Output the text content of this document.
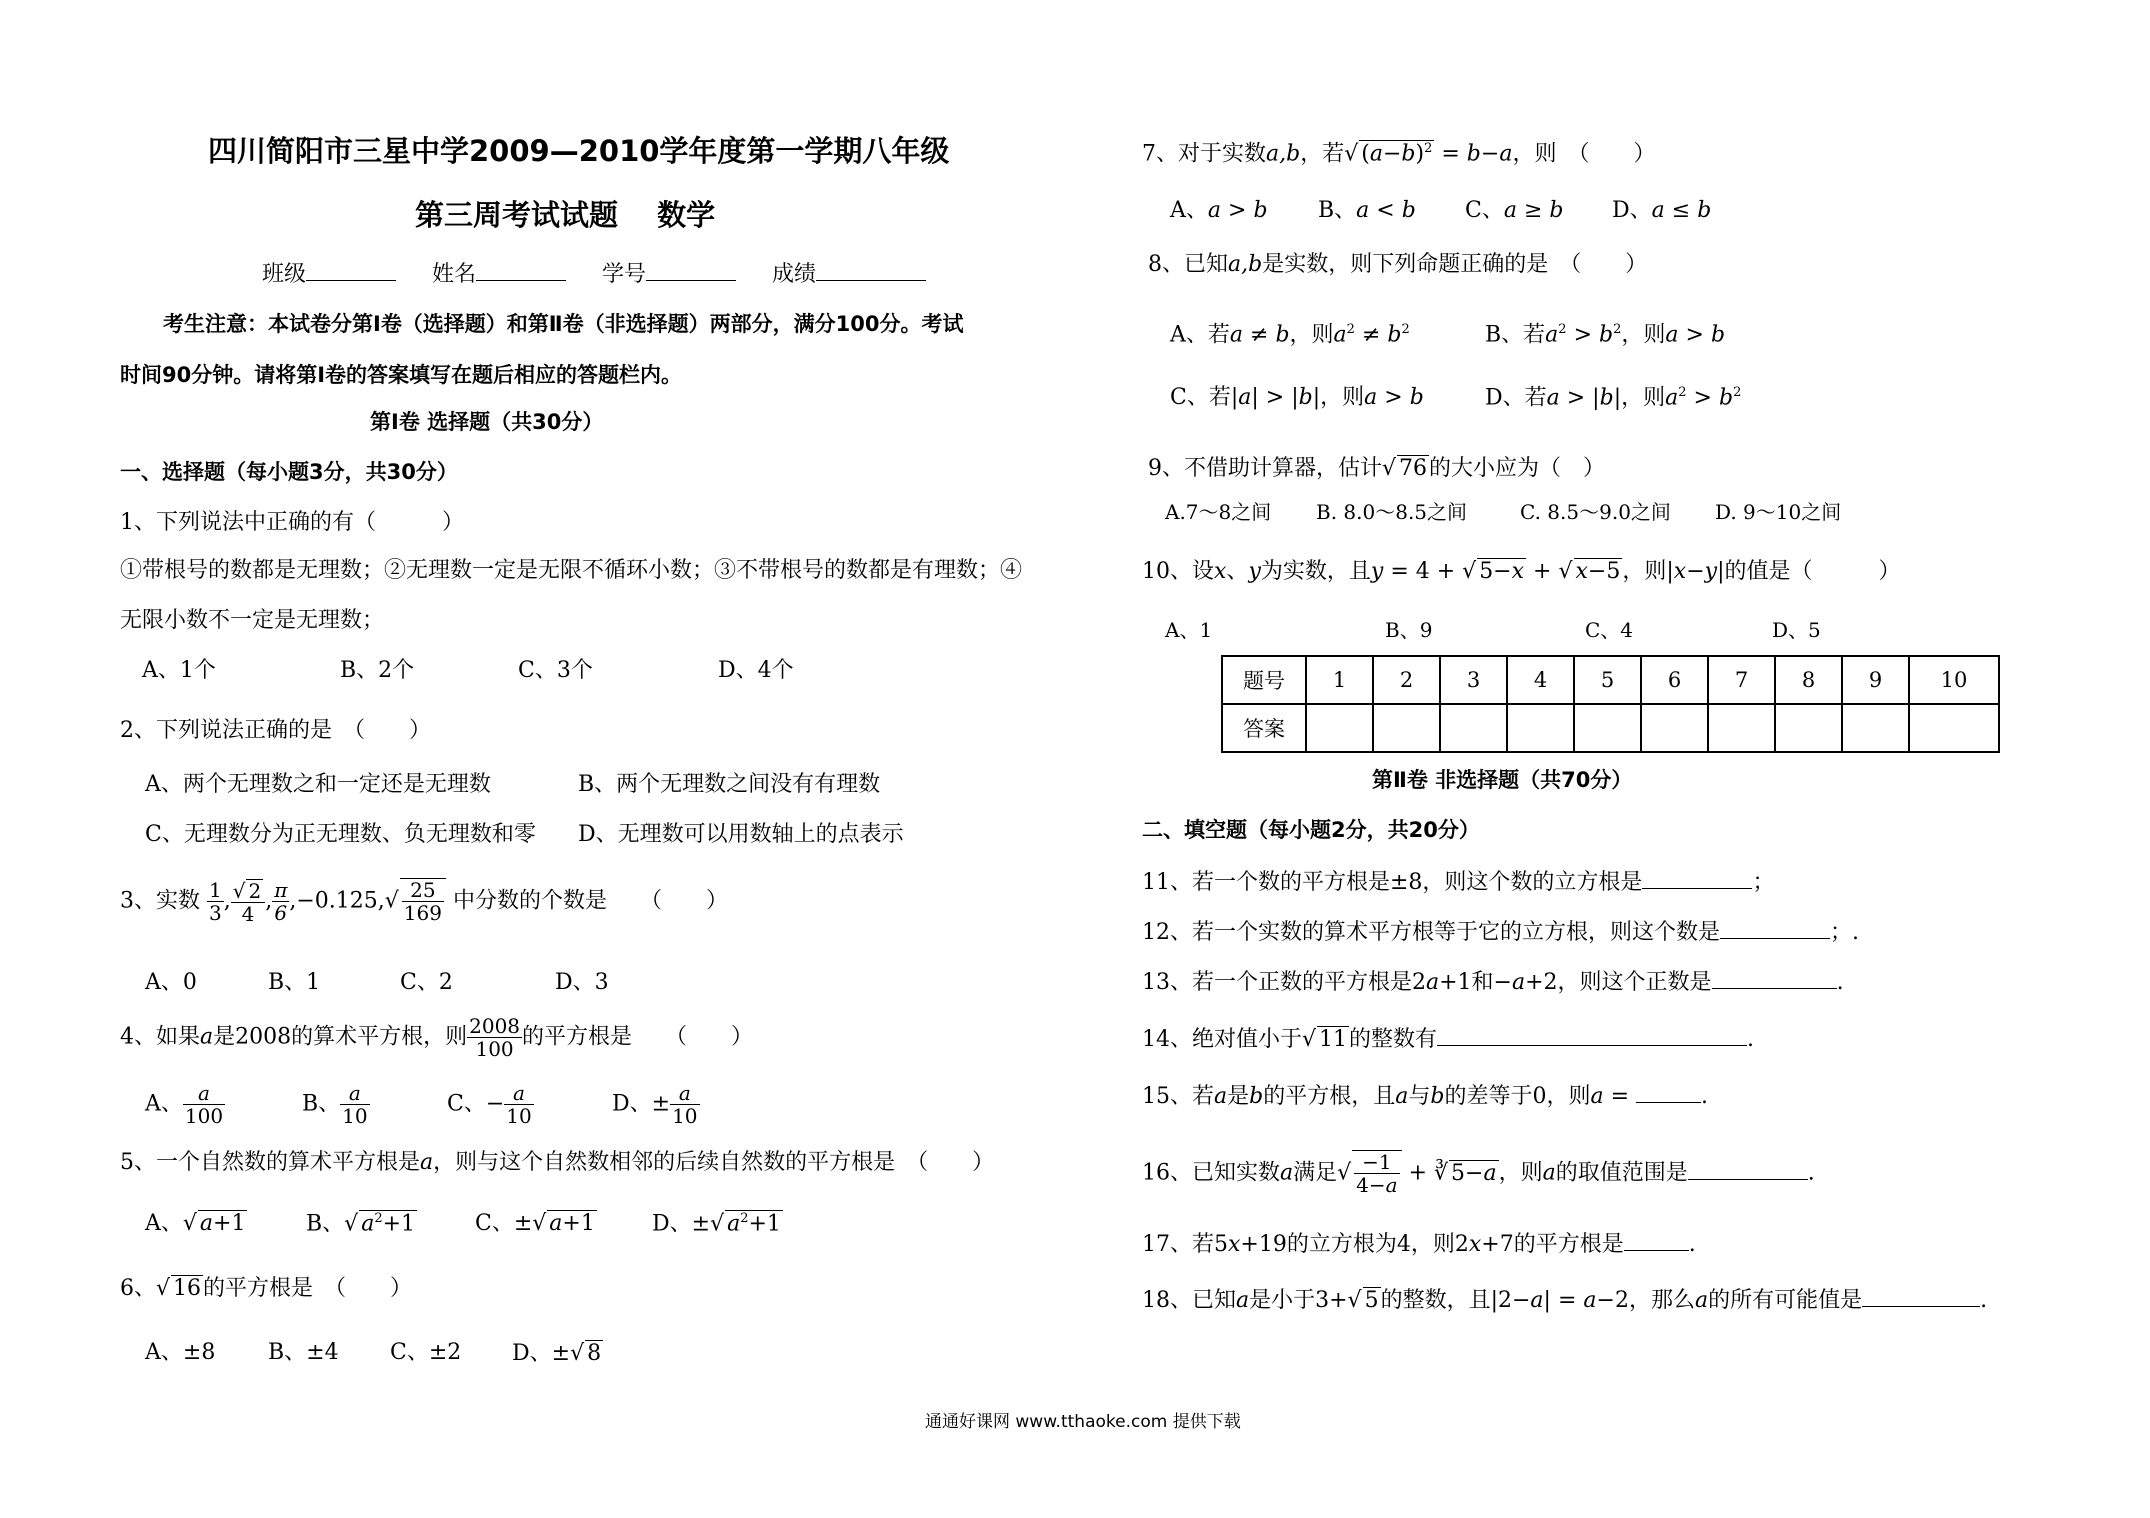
四川简阳市三星中学2009—2010学年度第一学期八年级
第三周考试试题 　数学
班级	姓名	学号	成绩
考生注意：本试卷分第Ⅰ卷（选择题）和第Ⅱ卷（非选择题）两部分，满分100分。考试
时间90分钟。请将第Ⅰ卷的答案填写在题后相应的答题栏内。
第Ⅰ卷 选择题（共30分）
一、选择题（每小题3分，共30分）
1、下列说法中正确的有（　　　）
①带根号的数都是无理数；②无理数一定是无限不循环小数；③不带根号的数都是有理数；④
无限小数不一定是无理数；
A、1个	B、2个	C、3个	D、4个
2、下列说法正确的是　（　　）
A、两个无理数之和一定还是无理数	B、两个无理数之间没有有理数
C、无理数分为正无理数、负无理数和零 D、无理数可以用数轴上的点表示
3、实数 $\frac{1}{3}$ , $\frac{√ 2}{4}$ , $\frac{\pi}{6} ,-0.125,√ \frac{25}{169}$ 中分数的个数是　　（　　）
A、0	B、1	C、2	D、3
4、如果a是2008的算术平方根，则 $\frac{2008}{100}$ 的平方根是　　（　　）
A、 $\frac{a}{100}$	B、 $\frac{a}{10}$	C、− $\frac{a}{10}$	D、± $\frac{a}{10}$
5、一个自然数的算术平方根是a，则与这个自然数相邻的后续自然数的平方根是　（　　）
A、√ a+1	B、√ $a^2+1$	C、±√ a+1	D、±√ $a^2+1$
6、√ 16的平方根是　（　　）
A、±8 B、±4 C、±2 D、±√ 8
7、对于实数a,b，若√ $(a-b)^2 = b-a$，则　（　　）
A、a > b B、a < b C、a ≥ b D、a ≤ b
8、已知a,b是实数，则下列命题正确的是　（　　）
A、若a ≠ b，则$a^2 \ne b^2$	B、若$a^2 > b^2$，则a > b
C、若|a| > |b|，则a > b	D、若a > |b|，则$a^2 > b^2$
9、不借助计算器，估计√ 76的大小应为（　）
A.7～8之间 B. 8.0～8.5之间	C. 8.5～9.0之间 D. 9～10之间
10、设x、y为实数，且y = 4 + √ 5−x + √ x−5，则|x−y|的值是（　　　）
A、1	B、9	C、4	D、5
题号	1	2	3	4	5	6	7	8	9	10
答案										
第Ⅱ卷 非选择题（共70分）
二、填空题（每小题2分，共20分）
11、若一个数的平方根是±8，则这个数的立方根是	；
12、若一个实数的算术平方根等于它的立方根，则这个数是	；.
13、若一个正数的平方根是2a+1和−a+2，则这个正数是	.
14、绝对值小于√ 11的整数有	.
15、若a是b的平方根，且a与b的差等于0，则a =	.
16、已知实数a满足√ $\frac{-1}{4-a}$ + ∛ 5−a，则a的取值范围是	.
17、若5x+19的立方根为4，则2x+7的平方根是	.
18、已知a是小于3+√ 5的整数，且|2−a| = a−2，那么a的所有可能值是	.
通通好课网 www.tthaoke.com 提供下载
